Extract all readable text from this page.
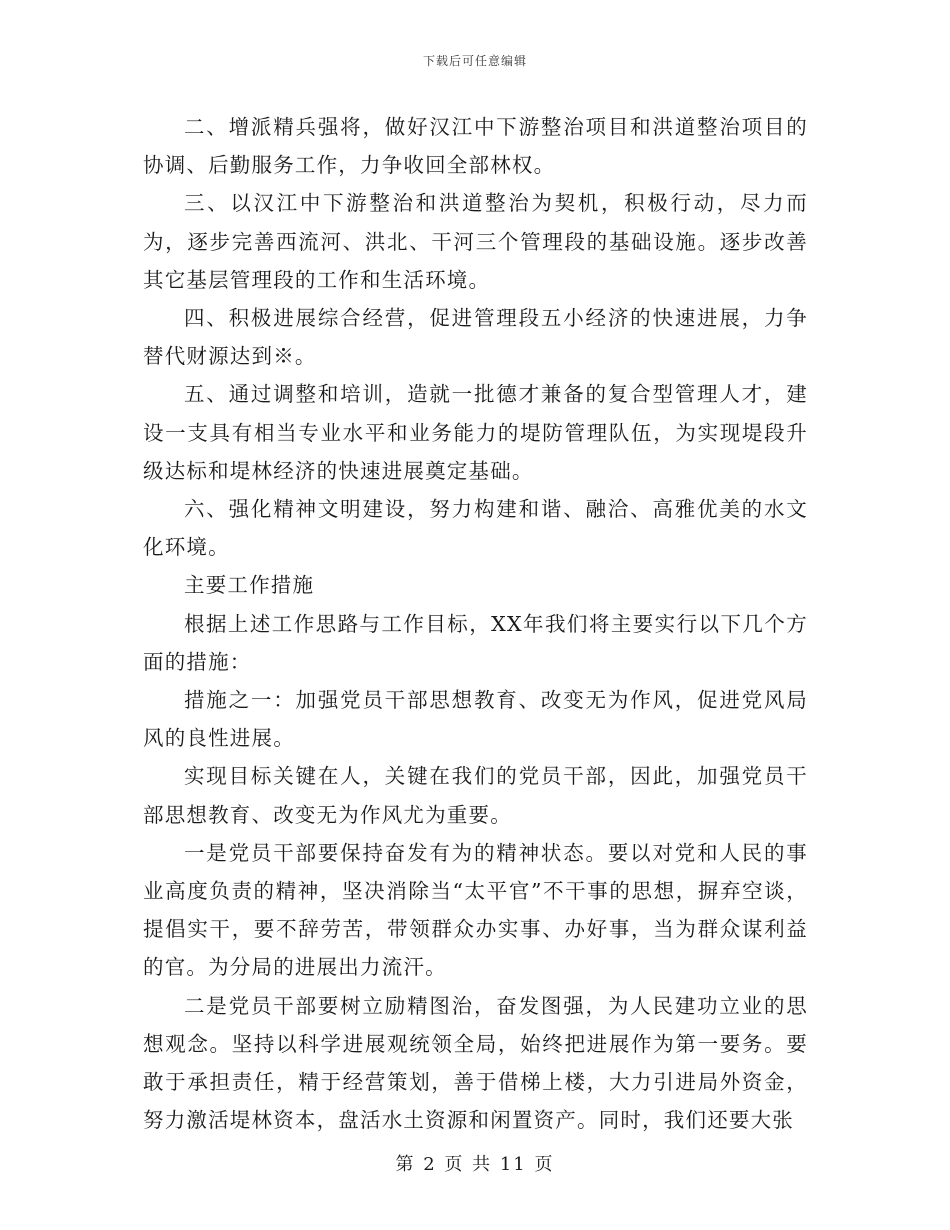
下载后可任意编辑

二、增派精兵强将，做好汉江中下游整治项目和洪道整治项目的协调、后勤服务工作，力争收回全部林权。

三、以汉江中下游整治和洪道整治为契机，积极行动，尽力而为，逐步完善西流河、洪北、干河三个管理段的基础设施。逐步改善其它基层管理段的工作和生活环境。

四、积极进展综合经营，促进管理段五小经济的快速进展，力争替代财源达到※。

五、通过调整和培训，造就一批德才兼备的复合型管理人才，建设一支具有相当专业水平和业务能力的堤防管理队伍，为实现堤段升级达标和堤林经济的快速进展奠定基础。

六、强化精神文明建设，努力构建和谐、融洽、高雅优美的水文化环境。

主要工作措施

根据上述工作思路与工作目标，XX年我们将主要实行以下几个方面的措施：

措施之一：加强党员干部思想教育、改变无为作风，促进党风局风的良性进展。

实现目标关键在人，关键在我们的党员干部，因此，加强党员干部思想教育、改变无为作风尤为重要。

一是党员干部要保持奋发有为的精神状态。要以对党和人民的事业高度负责的精神，坚决消除当“太平官”不干事的思想，摒弃空谈，提倡实干，要不辞劳苦，带领群众办实事、办好事，当为群众谋利益的官。为分局的进展出力流汗。

二是党员干部要树立励精图治，奋发图强，为人民建功立业的思想观念。坚持以科学进展观统领全局，始终把进展作为第一要务。要敢于承担责任，精于经营策划，善于借梯上楼，大力引进局外资金，努力激活堤林资本，盘活水土资源和闲置资产。同时，我们还要大张

第 2 页 共 11 页
